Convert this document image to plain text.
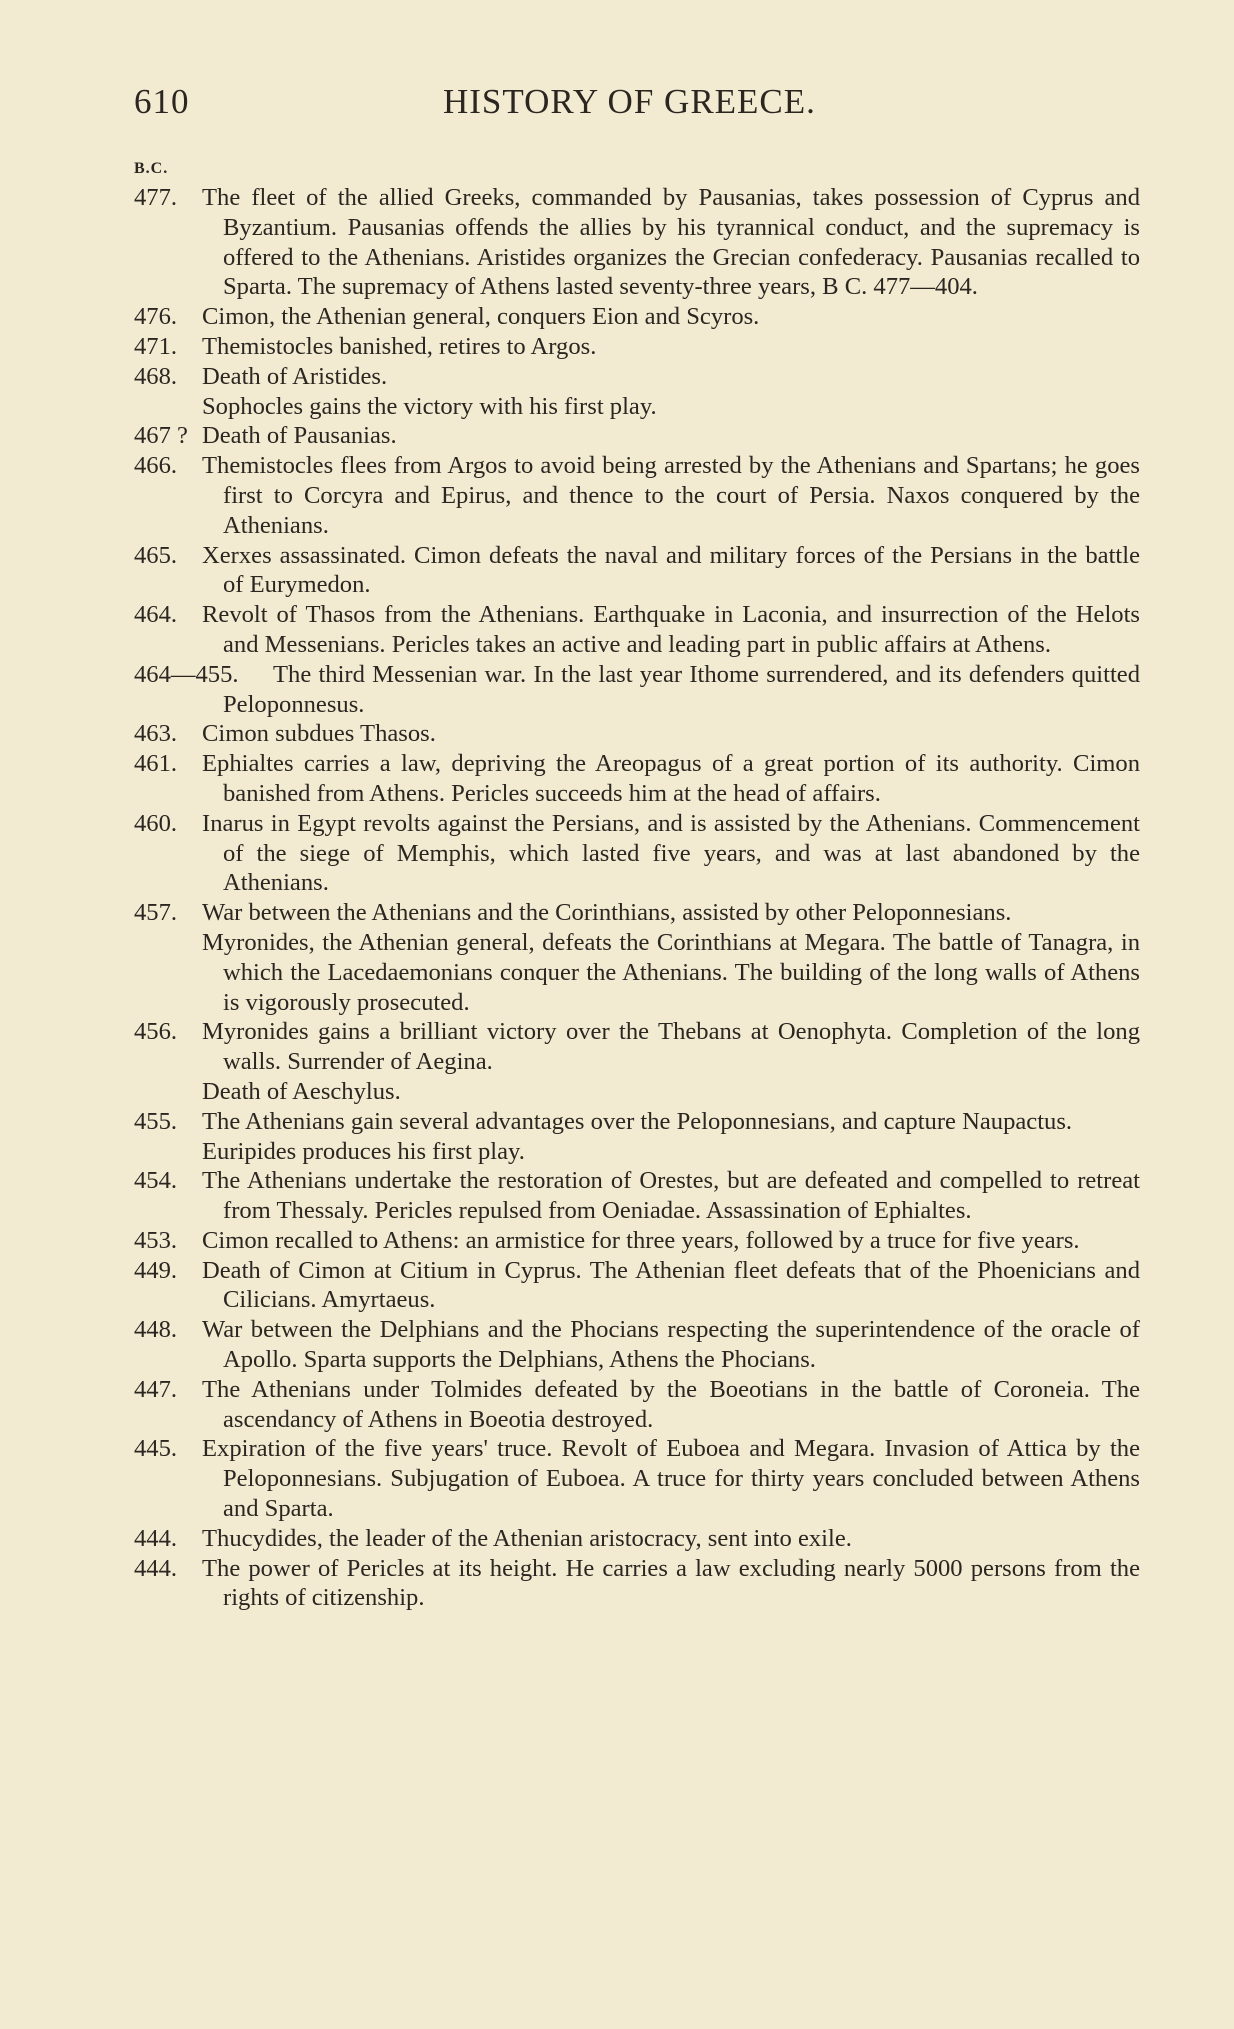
610	HISTORY OF GREECE.
B.C.
477.	The fleet of the allied Greeks, commanded by Pausanias, takes possession of Cyprus and Byzantium. Pausanias offends the allies by his tyrannical conduct, and the supremacy is offered to the Athenians. Aristides organizes the Grecian confederacy. Pausanias recalled to Sparta. The supremacy of Athens lasted seventy-three years, B C. 477—404.
476.	Cimon, the Athenian general, conquers Eion and Scyros.
471.	Themistocles banished, retires to Argos.
468.	Death of Aristides.
Sophocles gains the victory with his first play.
467 ? Death of Pausanias.
466.	Themistocles flees from Argos to avoid being arrested by the Athenians and Spartans; he goes first to Corcyra and Epirus, and thence to the court of Persia. Naxos conquered by the Athenians.
465.	Xerxes assassinated. Cimon defeats the naval and military forces of the Persians in the battle of Eurymedon.
464.	Revolt of Thasos from the Athenians. Earthquake in Laconia, and insurrection of the Helots and Messenians. Pericles takes an active and leading part in public affairs at Athens.
464—455.	The third Messenian war. In the last year Ithome surrendered, and its defenders quitted Peloponnesus.
463.	Cimon subdues Thasos.
461.	Ephialtes carries a law, depriving the Areopagus of a great portion of its authority. Cimon banished from Athens. Pericles succeeds him at the head of affairs.
460.	Inarus in Egypt revolts against the Persians, and is assisted by the Athenians. Commencement of the siege of Memphis, which lasted five years, and was at last abandoned by the Athenians.
457.	War between the Athenians and the Corinthians, assisted by other Peloponnesians.
Myronides, the Athenian general, defeats the Corinthians at Megara. The battle of Tanagra, in which the Lacedaemonians conquer the Athenians. The building of the long walls of Athens is vigorously prosecuted.
456.	Myronides gains a brilliant victory over the Thebans at Oenophyta. Completion of the long walls. Surrender of Aegina.
Death of Aeschylus.
455.	The Athenians gain several advantages over the Peloponnesians, and capture Naupactus.
Euripides produces his first play.
454.	The Athenians undertake the restoration of Orestes, but are defeated and compelled to retreat from Thessaly. Pericles repulsed from Oeniadae. Assassination of Ephialtes.
453.	Cimon recalled to Athens: an armistice for three years, followed by a truce for five years.
449.	Death of Cimon at Citium in Cyprus. The Athenian fleet defeats that of the Phoenicians and Cilicians. Amyrtaeus.
448.	War between the Delphians and the Phocians respecting the superintendence of the oracle of Apollo. Sparta supports the Delphians, Athens the Phocians.
447.	The Athenians under Tolmides defeated by the Boeotians in the battle of Coroneia. The ascendancy of Athens in Boeotia destroyed.
445.	Expiration of the five years' truce. Revolt of Euboea and Megara. Invasion of Attica by the Peloponnesians. Subjugation of Euboea. A truce for thirty years concluded between Athens and Sparta.
444.	Thucydides, the leader of the Athenian aristocracy, sent into exile.
444.	The power of Pericles at its height. He carries a law excluding nearly 5000 persons from the rights of citizenship.
